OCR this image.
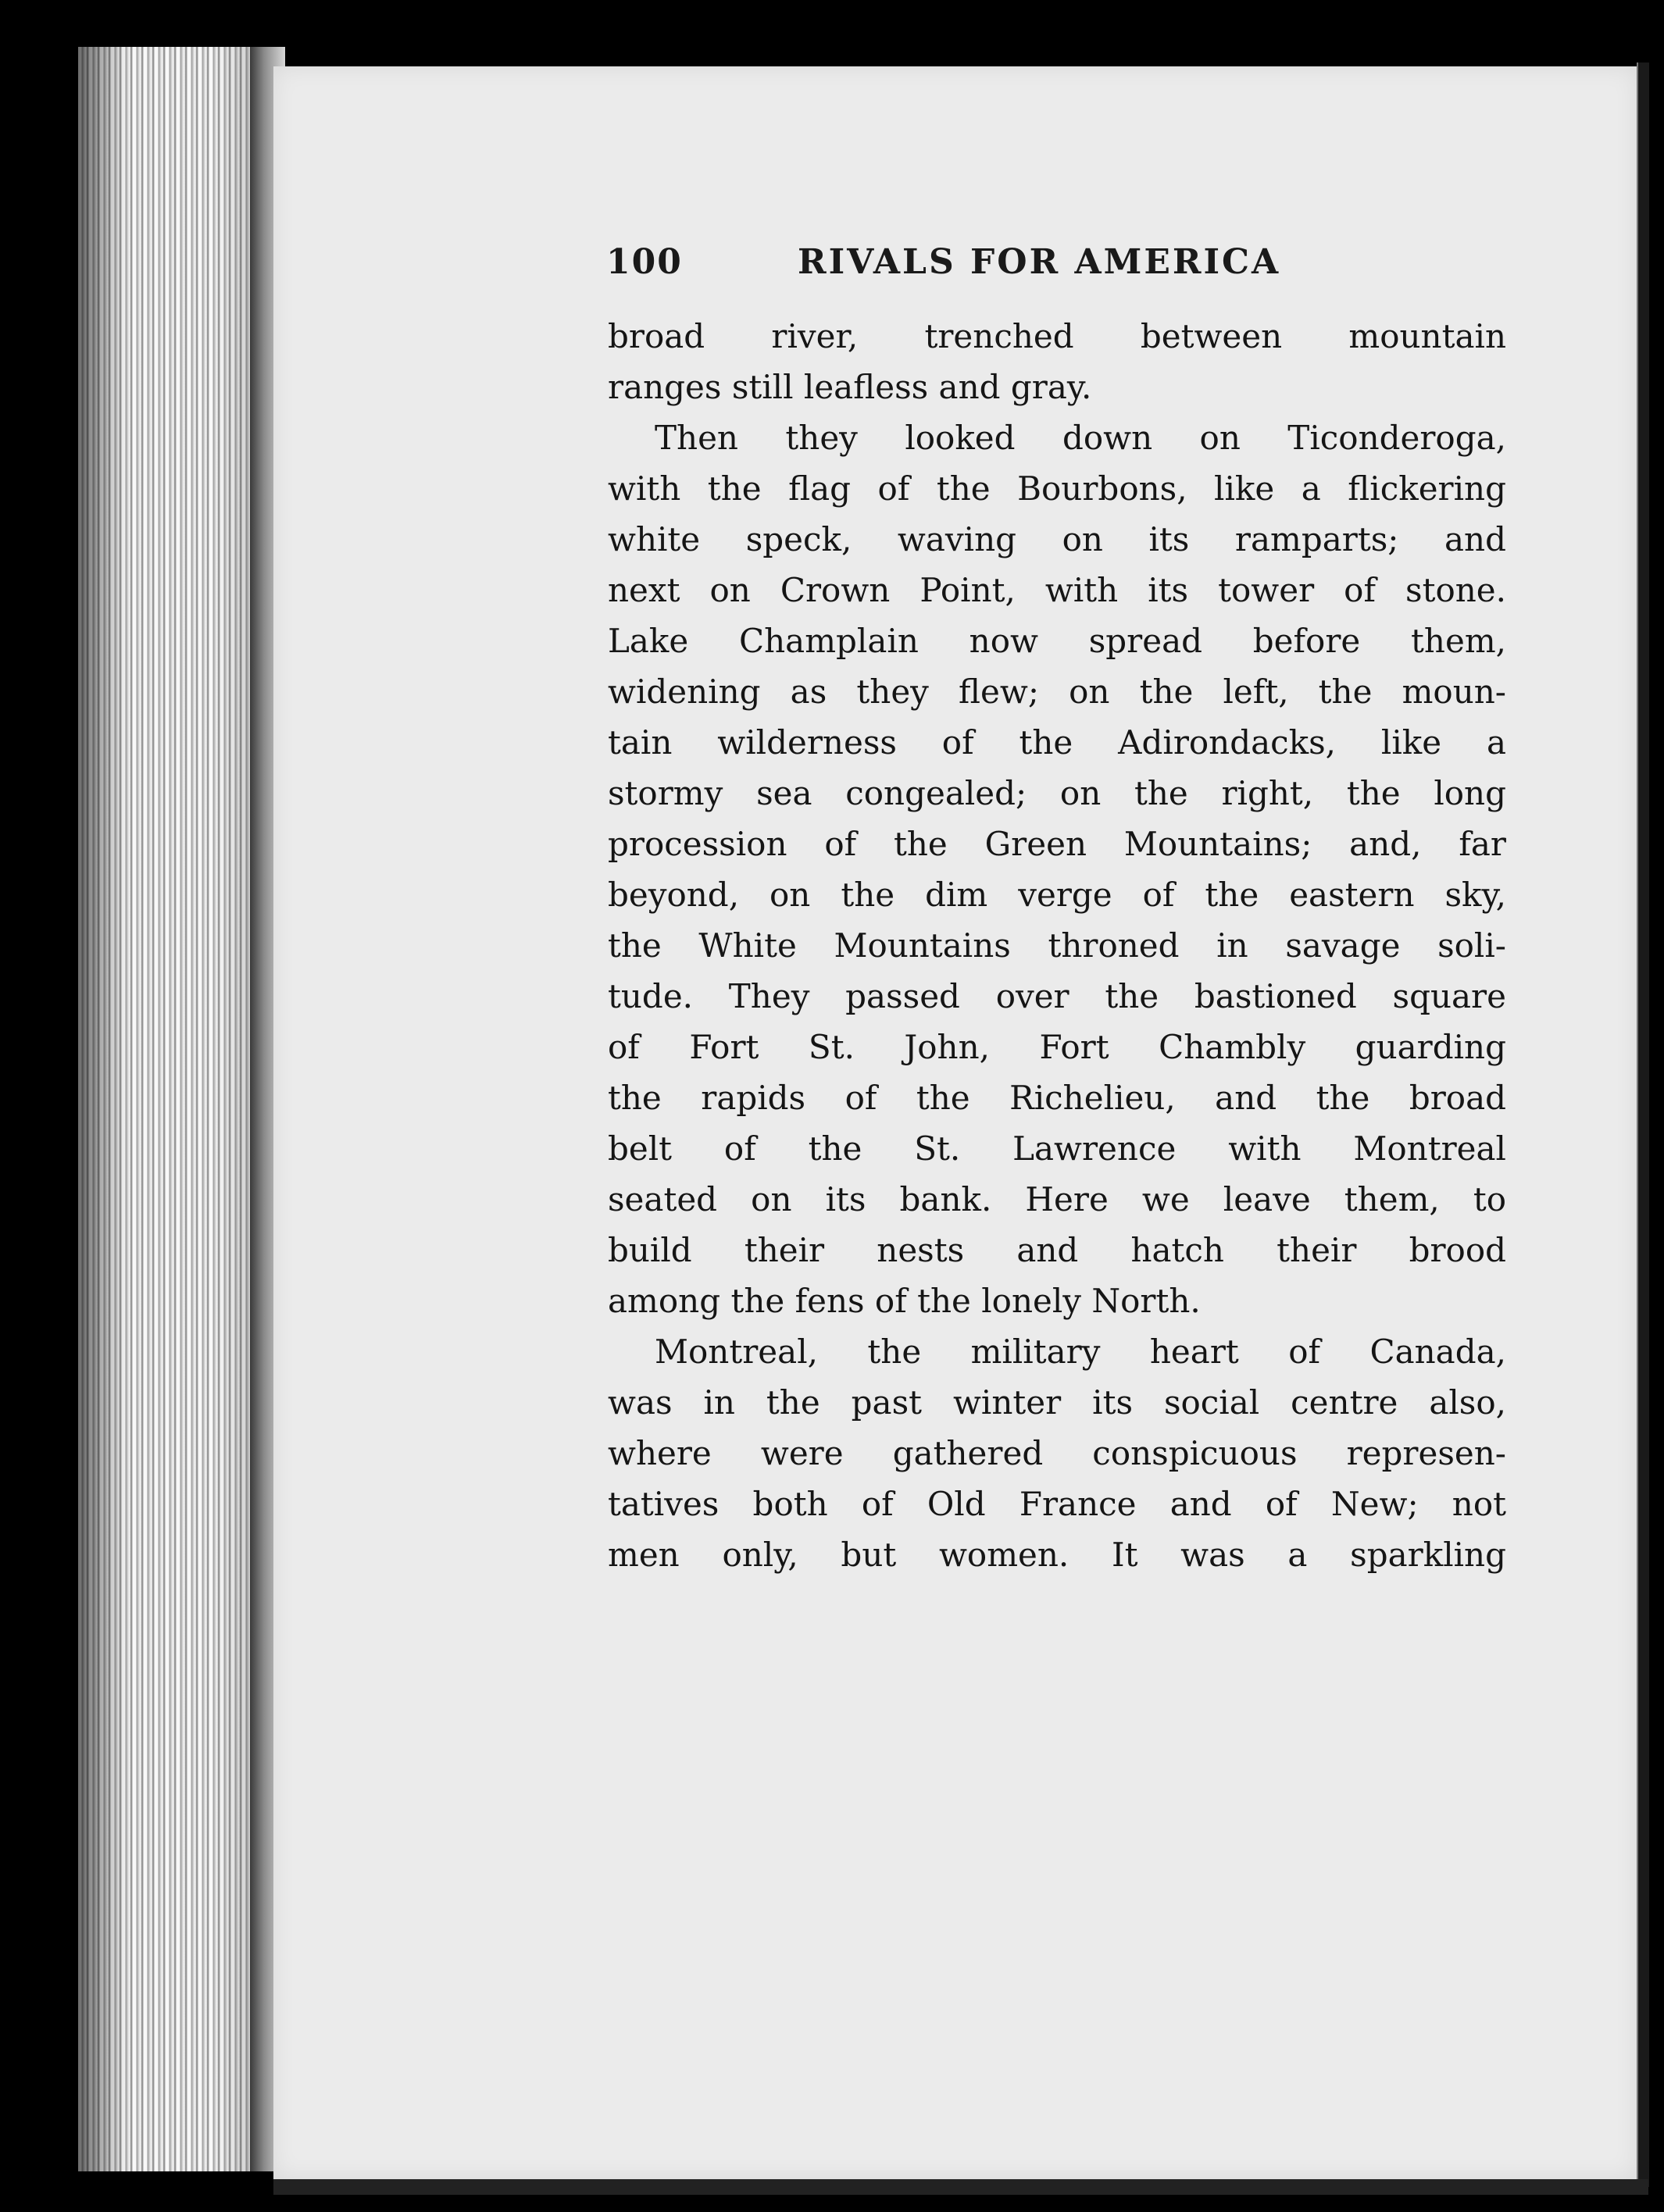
100	RIVALS FOR AMERICA
broad river, trenched between mountain
ranges still leafless and gray.
Then they looked down on Ticonderoga,
with the flag of the Bourbons, like a flickering
white speck, waving on its ramparts; and
next on Crown Point, with its tower of stone.
Lake Champlain now spread before them,
widening as they flew; on the left, the moun-
tain wilderness of the Adirondacks, like a
stormy sea congealed; on the right, the long
procession of the Green Mountains; and, far
beyond, on the dim verge of the eastern sky,
the White Mountains throned in savage soli-
tude. They passed over the bastioned square
of Fort St. John, Fort Chambly guarding
the rapids of the Richelieu, and the broad
belt of the St. Lawrence with Montreal
seated on its bank. Here we leave them, to
build their nests and hatch their brood
among the fens of the lonely North.
Montreal, the military heart of Canada,
was in the past winter its social centre also,
where were gathered conspicuous represen-
tatives both of Old France and of New; not
men only, but women. It was a sparkling
